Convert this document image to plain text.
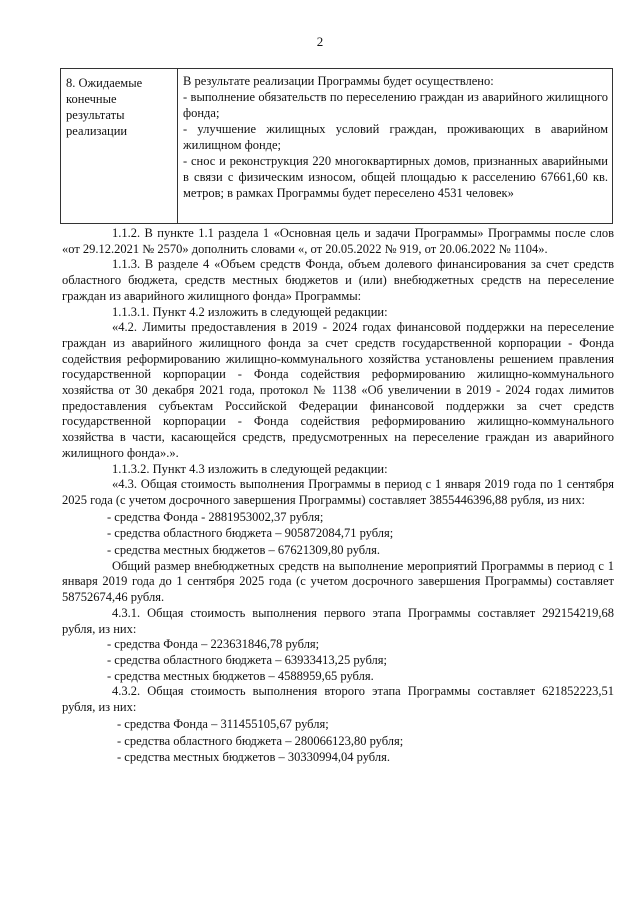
2
8. Ожидаемые конечные результаты реализации
В результате реализации Программы будет осуществлено:
- выполнение обязательств по переселению граждан из аварийного жилищного фонда;
- улучшение жилищных условий граждан, проживающих в аварийном жилищном фонде;
- снос и реконструкция 220 многоквартирных домов, признанных аварийными в связи с физическим износом, общей площадью к расселению 67661,60 кв. метров; в рамках Программы будет переселено 4531 человек»

1.1.2. В пункте 1.1 раздела 1 «Основная цель и задачи Программы» Программы после слов «от 29.12.2021 № 2570» дополнить словами «, от 20.05.2022 № 919, от 20.06.2022 № 1104».

1.1.3. В разделе 4 «Объем средств Фонда, объем долевого финансирования за счет средств областного бюджета, средств местных бюджетов и (или) внебюджетных средств на переселение граждан из аварийного жилищного фонда» Программы:

1.1.3.1. Пункт 4.2 изложить в следующей редакции:

«4.2. Лимиты предоставления в 2019 - 2024 годах финансовой поддержки на переселение граждан из аварийного жилищного фонда за счет средств государственной корпорации - Фонда содействия реформированию жилищно-коммунального хозяйства установлены решением правления государственной корпорации - Фонда содействия реформированию жилищно-коммунального хозяйства от 30 декабря 2021 года, протокол № 1138 «Об увеличении в 2019 - 2024 годах лимитов предоставления субъектам Российской Федерации финансовой поддержки за счет средств государственной корпорации - Фонда содействия реформированию жилищно-коммунального хозяйства в части, касающейся средств, предусмотренных на переселение граждан из аварийного жилищного фонда».».

1.1.3.2. Пункт 4.3 изложить в следующей редакции:

«4.3. Общая стоимость выполнения Программы в период с 1 января 2019 года по 1 сентября 2025 года (с учетом досрочного завершения Программы) составляет 3855446396,88 рубля, из них:

- средства Фонда - 2881953002,37 рубля;

- средства областного бюджета – 905872084,71 рубля;

- средства местных бюджетов – 67621309,80 рубля.

Общий размер внебюджетных средств на выполнение мероприятий Программы в период с 1 января 2019 года до 1 сентября 2025 года (с учетом досрочного завершения Программы) составляет 58752674,46 рубля.

4.3.1. Общая стоимость выполнения первого этапа Программы составляет 292154219,68 рубля, из них:

- средства Фонда – 223631846,78 рубля;

- средства областного бюджета – 63933413,25 рубля;

- средства местных бюджетов – 4588959,65 рубля.

4.3.2. Общая стоимость выполнения второго этапа Программы составляет 621852223,51 рубля, из них:

- средства Фонда – 311455105,67 рубля;

- средства областного бюджета – 280066123,80 рубля;

- средства местных бюджетов – 30330994,04 рубля.
